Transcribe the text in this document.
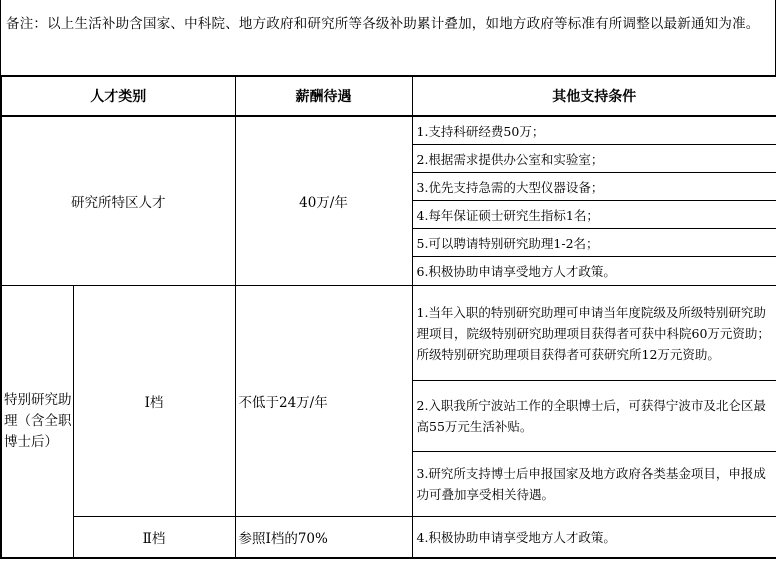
备注：以上生活补助含国家、中科院、地方政府和研究所等各级补助累计叠加，如地方政府等标准有所调整以最新通知为准。
人才类别		薪酬待遇	其他支持条件
研究所特区人才		40万/年	1.支持科研经费50万；
			2.根据需求提供办公室和实验室；
			3.优先支持急需的大型仪器设备；
			4.每年保证硕士研究生指标1名；
			5.可以聘请特别研究助理1-2名；
			6.积极协助申请享受地方人才政策。
特别研究助理（含全职博士后）	Ⅰ档	不低于24万/年	1.当年入职的特别研究助理可申请当年度院级及所级特别研究助理项目，院级特别研究助理项目获得者可获中科院60万元资助；所级特别研究助理项目获得者可获研究所12万元资助。
			2.入职我所宁波站工作的全职博士后，可获得宁波市及北仑区最高55万元生活补贴。
			3.研究所支持博士后申报国家及地方政府各类基金项目，申报成功可叠加享受相关待遇。
	Ⅱ档	参照Ⅰ档的70%	4.积极协助申请享受地方人才政策。
